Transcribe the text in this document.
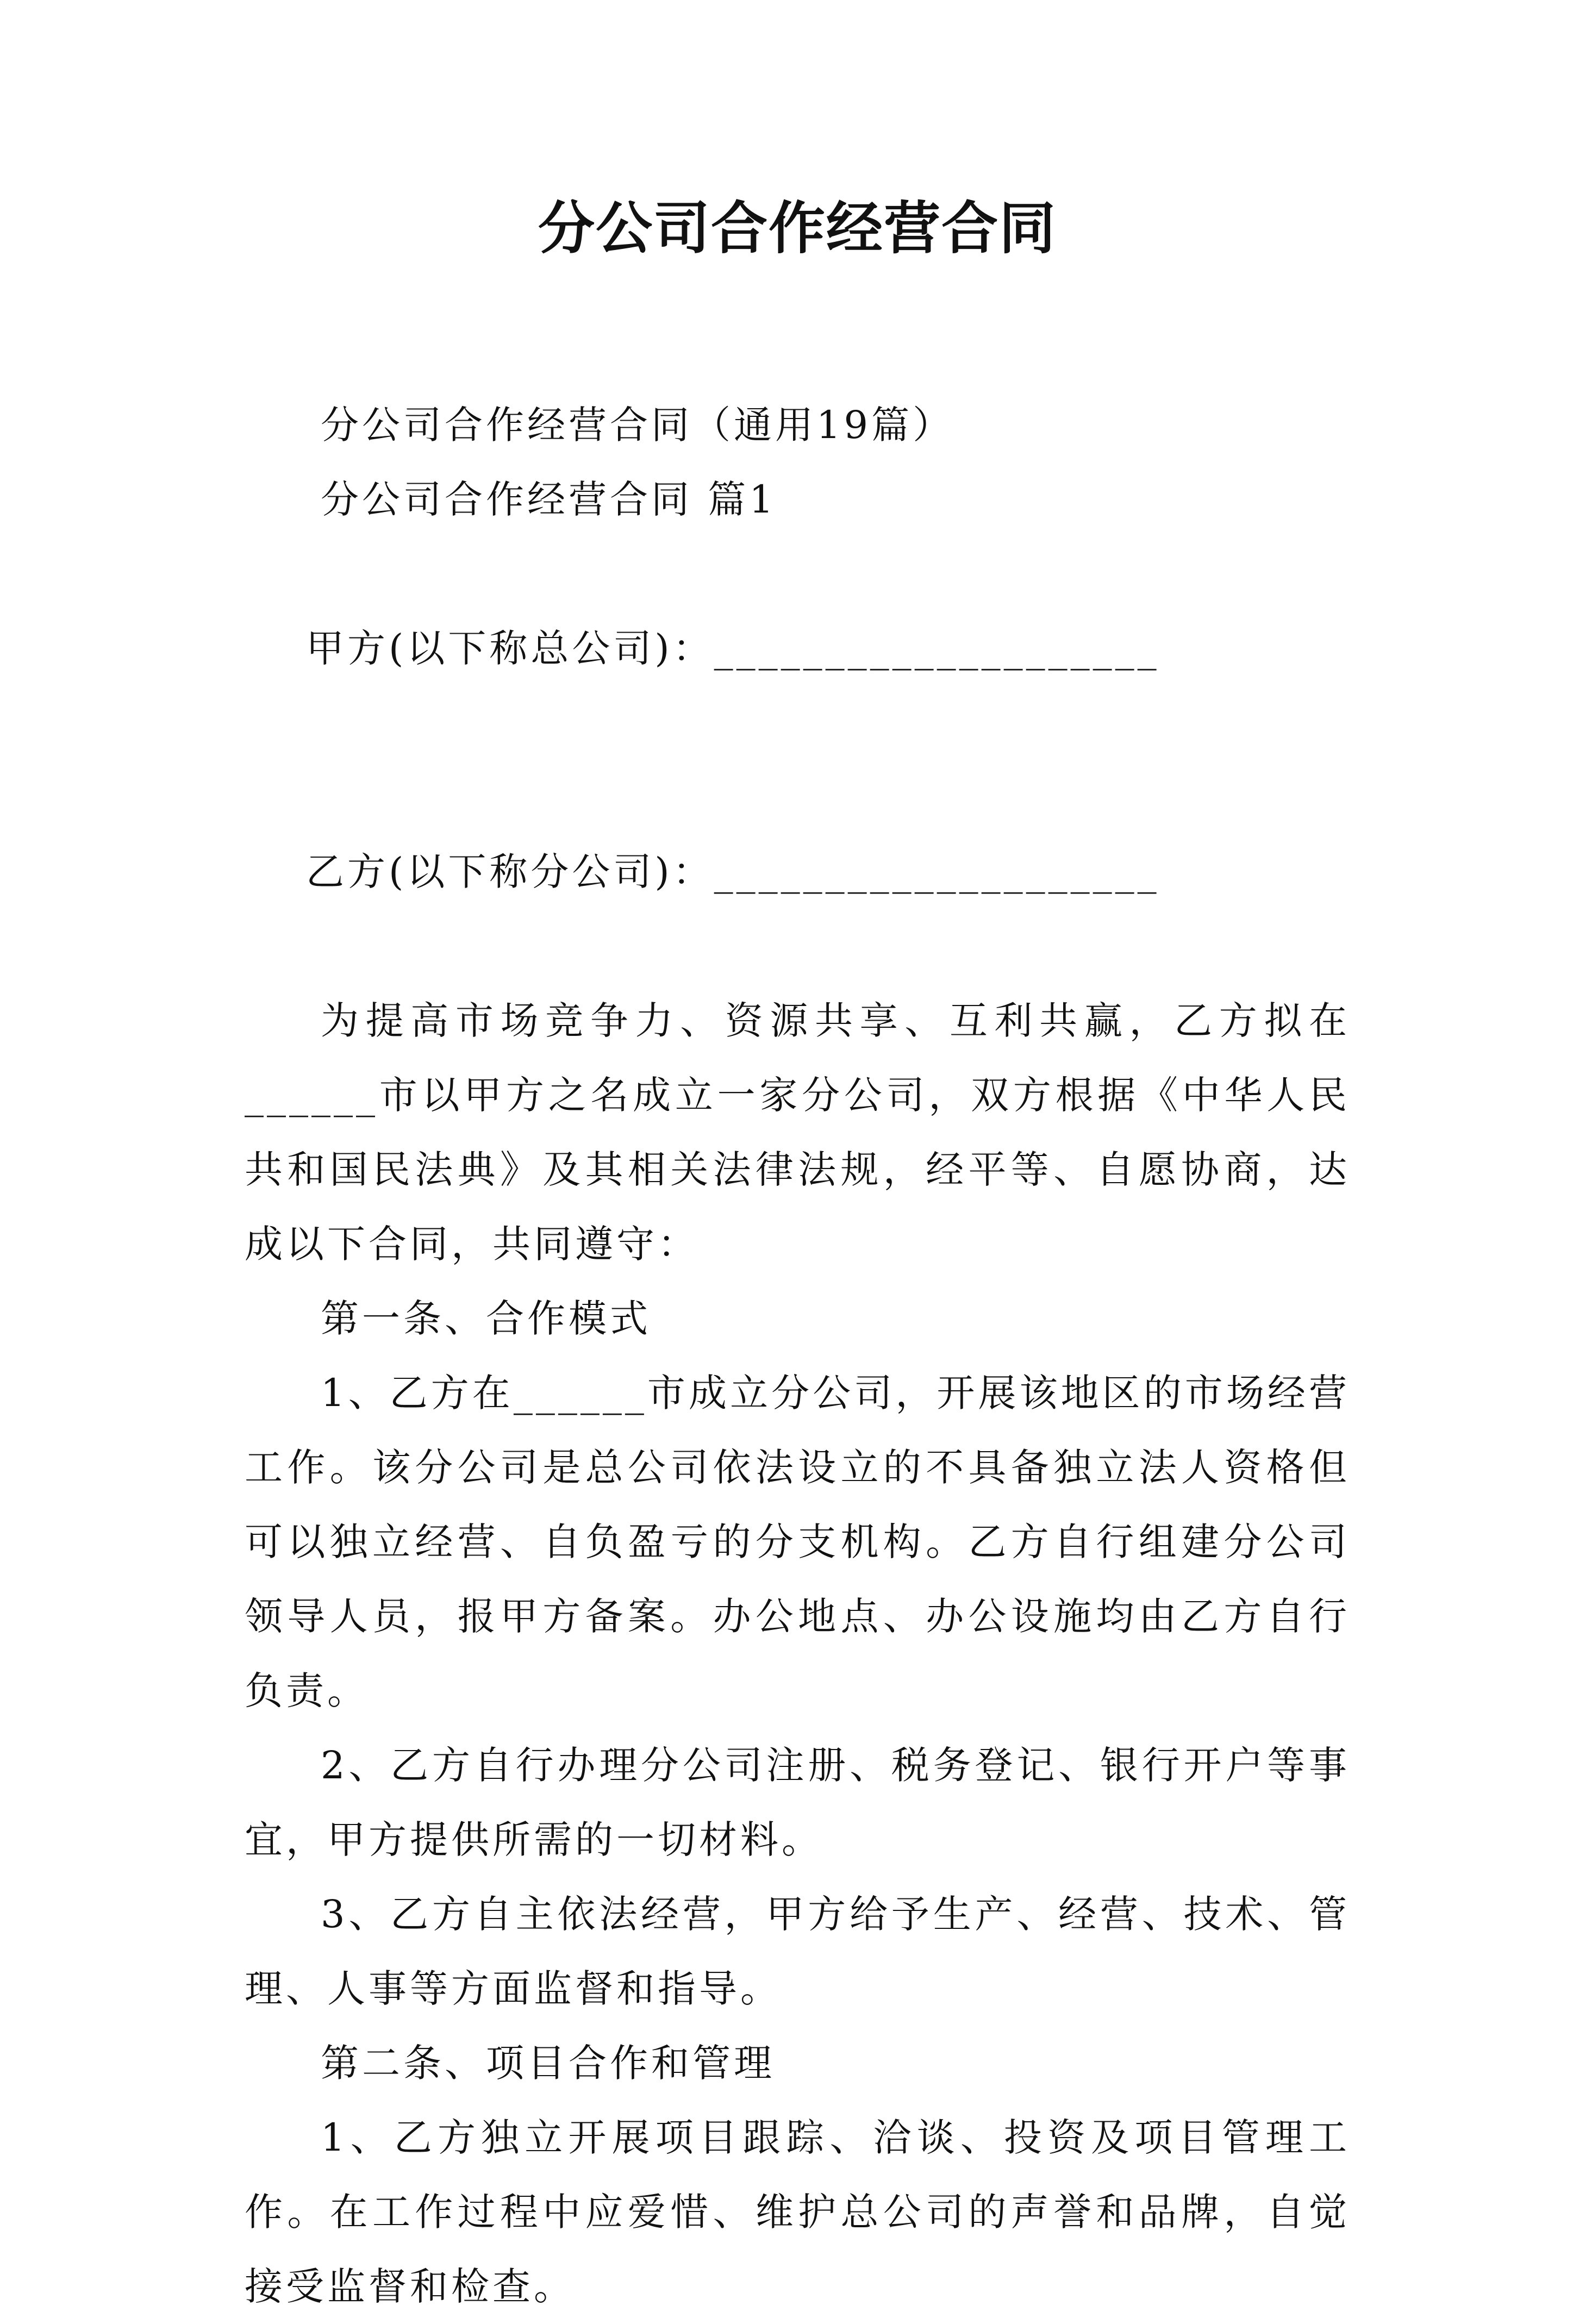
分公司合作经营合同

分公司合作经营合同（通用19篇）

分公司合作经营合同 篇1

甲方(以下称总公司)：____________________

乙方(以下称分公司)：____________________

为提高市场竞争力、资源共享、互利共赢，乙方拟在______市以甲方之名成立一家分公司，双方根据《中华人民共和国民法典》及其相关法律法规，经平等、自愿协商，达成以下合同，共同遵守：

第一条、合作模式

1、乙方在______市成立分公司，开展该地区的市场经营工作。该分公司是总公司依法设立的不具备独立法人资格但可以独立经营、自负盈亏的分支机构。乙方自行组建分公司领导人员，报甲方备案。办公地点、办公设施均由乙方自行负责。

2、乙方自行办理分公司注册、税务登记、银行开户等事宜，甲方提供所需的一切材料。

3、乙方自主依法经营，甲方给予生产、经营、技术、管理、人事等方面监督和指导。

第二条、项目合作和管理

1、乙方独立开展项目跟踪、洽谈、投资及项目管理工作。在工作过程中应爱惜、维护总公司的声誉和品牌，自觉接受监督和检查。
